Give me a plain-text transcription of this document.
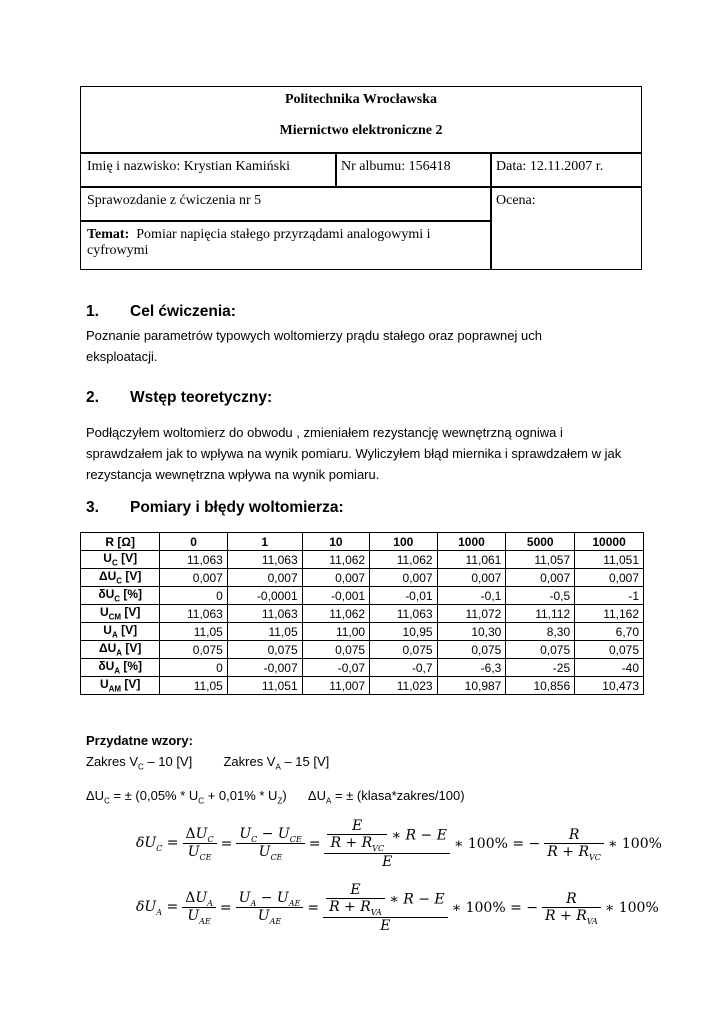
Politechnika Wrocławska
Miernictwo elektroniczne 2
Imię i nazwisko: Krystian Kamiński	Nr albumu: 156418	Data: 12.11.2007 r.
Sprawozdanie z ćwiczenia nr 5	Ocena:
Temat: Pomiar napięcia stałego przyrządami analogowymi i cyfrowymi
1. Cel ćwiczenia:
Poznanie parametrów typowych woltomierzy prądu stałego oraz poprawnej uch eksploatacji.
2. Wstęp teoretyczny:
Podłączyłem woltomierz do obwodu , zmieniałem rezystancję wewnętrzną ogniwa i sprawdzałem jak to wpływa na wynik pomiaru. Wyliczyłem błąd miernika i sprawdzałem w jak rezystancja wewnętrzna wpływa na wynik pomiaru.
3. Pomiary i błędy woltomierza:
R [Ω]	0	1	10	100	1000	5000	10000
$U_C$ [V]	11,063	11,063	11,062	11,062	11,061	11,057	11,051
$\Delta U_C$ [V]	0,007	0,007	0,007	0,007	0,007	0,007	0,007
$\delta U_C$ [%]	0	-0,0001	-0,001	-0,01	-0,1	-0,5	-1
$U_{CM}$ [V]	11,063	11,063	11,062	11,063	11,072	11,112	11,162
$U_A$ [V]	11,05	11,05	11,00	10,95	10,30	8,30	6,70
$\Delta U_A$ [V]	0,075	0,075	0,075	0,075	0,075	0,075	0,075
$\delta U_A$ [%]	0	-0,007	-0,07	-0,7	-6,3	-25	-40
$U_{AM}$ [V]	11,05	11,051	11,007	11,023	10,987	10,856	10,473
Przydatne wzory:
Zakres $V_C - 10$ [V] Zakres $V_A - 15$ [V]
$\Delta U_C$ = ± $(0,05\% * U_C + 0,01\% * U_Z)$ $\Delta U_A$ = ± (klasa*zakres/100)
$\delta U_C = \frac{\Delta U_C}{U_{CE}} = \frac{U_C - U_{CE}}{U_{CE}} = \frac{\frac{E}{R + R_{VC}} ∗ R - E}{E}$ ∗ 100% = − $\frac{R}{R + R_{VC}}$ ∗ 100%
$\delta U_A = \frac{\Delta U_A}{U_{AE}} = \frac{U_A - U_{AE}}{U_{AE}} = \frac{\frac{E}{R + R_{VA}} ∗ R - E}{E}$ ∗ 100% = − $\frac{R}{R + R_{VA}}$ ∗ 100%
